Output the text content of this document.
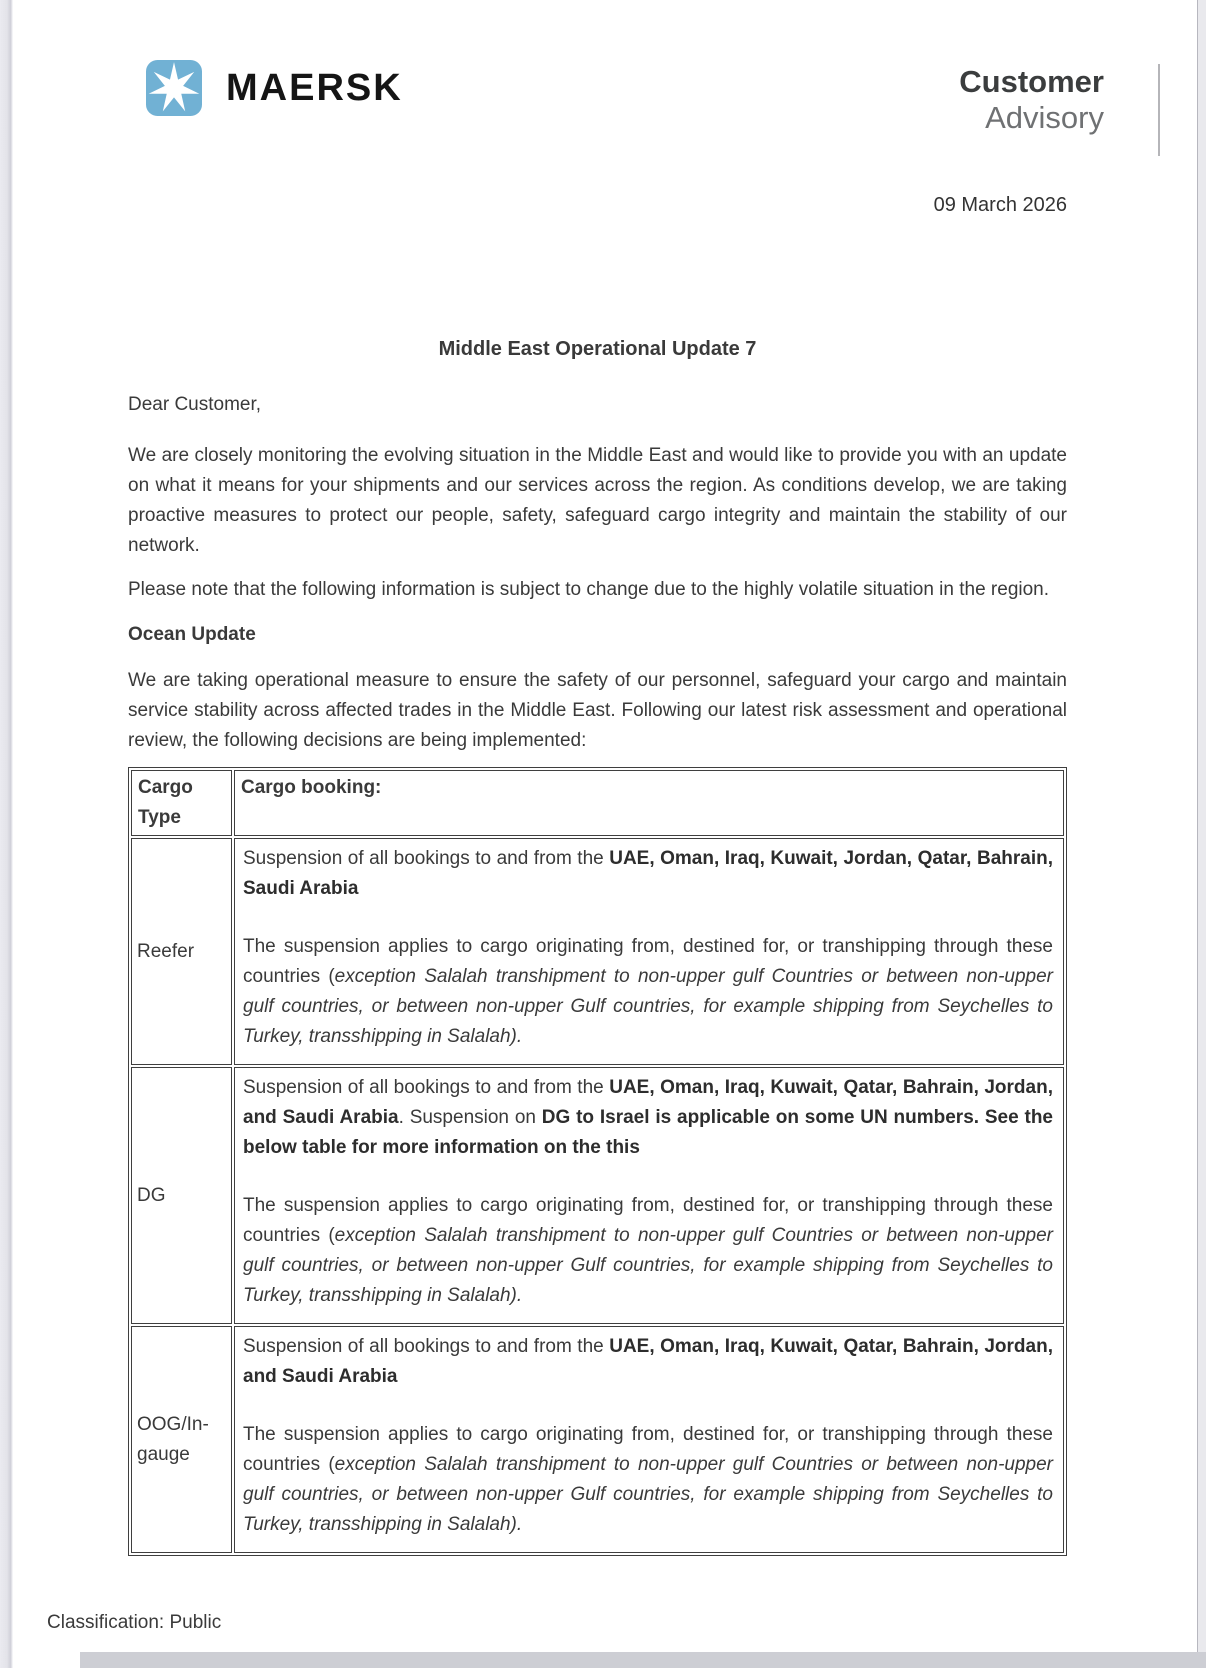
MAERSK	Customer
Advisory
09 March 2026
Middle East Operational Update 7

Dear Customer,

We are closely monitoring the evolving situation in the Middle East and would like to provide you with an update on what it means for your shipments and our services across the region. As conditions develop, we are taking proactive measures to protect our people, safety, safeguard cargo integrity and maintain the stability of our network.

Please note that the following information is subject to change due to the highly volatile situation in the region.

Ocean Update

We are taking operational measure to ensure the safety of our personnel, safeguard your cargo and maintain service stability across affected trades in the Middle East. Following our latest risk assessment and operational review, the following decisions are being implemented:

Cargo Type	Cargo booking:
Reefer	Suspension of all bookings to and from the UAE, Oman, Iraq, Kuwait, Jordan, Qatar, Bahrain, Saudi Arabia

The suspension applies to cargo originating from, destined for, or transhipping through these countries (exception Salalah transhipment to non-upper gulf Countries or between non-upper gulf countries, or between non-upper Gulf countries, for example shipping from Seychelles to Turkey, transshipping in Salalah).

DG	Suspension of all bookings to and from the UAE, Oman, Iraq, Kuwait, Qatar, Bahrain, Jordan, and Saudi Arabia. Suspension on DG to Israel is applicable on some UN numbers. See the below table for more information on the this

The suspension applies to cargo originating from, destined for, or transhipping through these countries (exception Salalah transhipment to non-upper gulf Countries or between non-upper gulf countries, or between non-upper Gulf countries, for example shipping from Seychelles to Turkey, transshipping in Salalah).

OOG/In-gauge	Suspension of all bookings to and from the UAE, Oman, Iraq, Kuwait, Qatar, Bahrain, Jordan, and Saudi Arabia

The suspension applies to cargo originating from, destined for, or transhipping through these countries (exception Salalah transhipment to non-upper gulf Countries or between non-upper gulf countries, or between non-upper Gulf countries, for example shipping from Seychelles to Turkey, transshipping in Salalah).

Classification: Public
